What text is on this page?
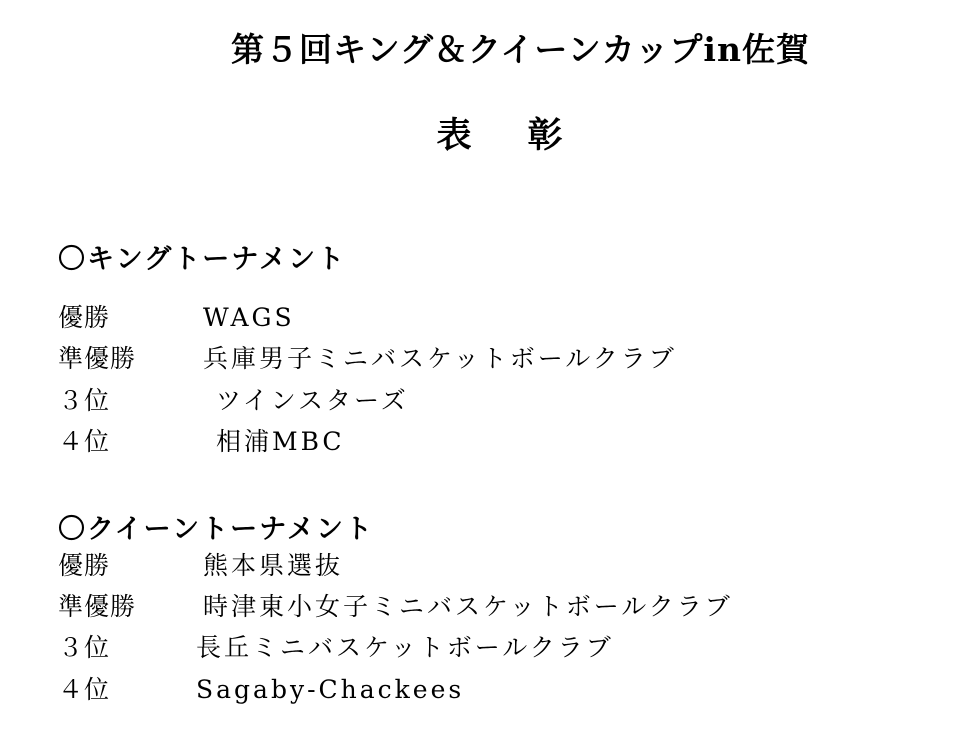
第５回キング＆クイーンカップin佐賀
表 彰
〇キングトーナメント
優勝	WAGS
準優勝	兵庫男子ミニバスケットボールクラブ
３位	ツインスターズ
４位	相浦MBC
〇クイーントーナメント
優勝	熊本県選抜
準優勝	時津東小女子ミニバスケットボールクラブ
３位	長丘ミニバスケットボールクラブ
４位	Sagaby-Chackees
